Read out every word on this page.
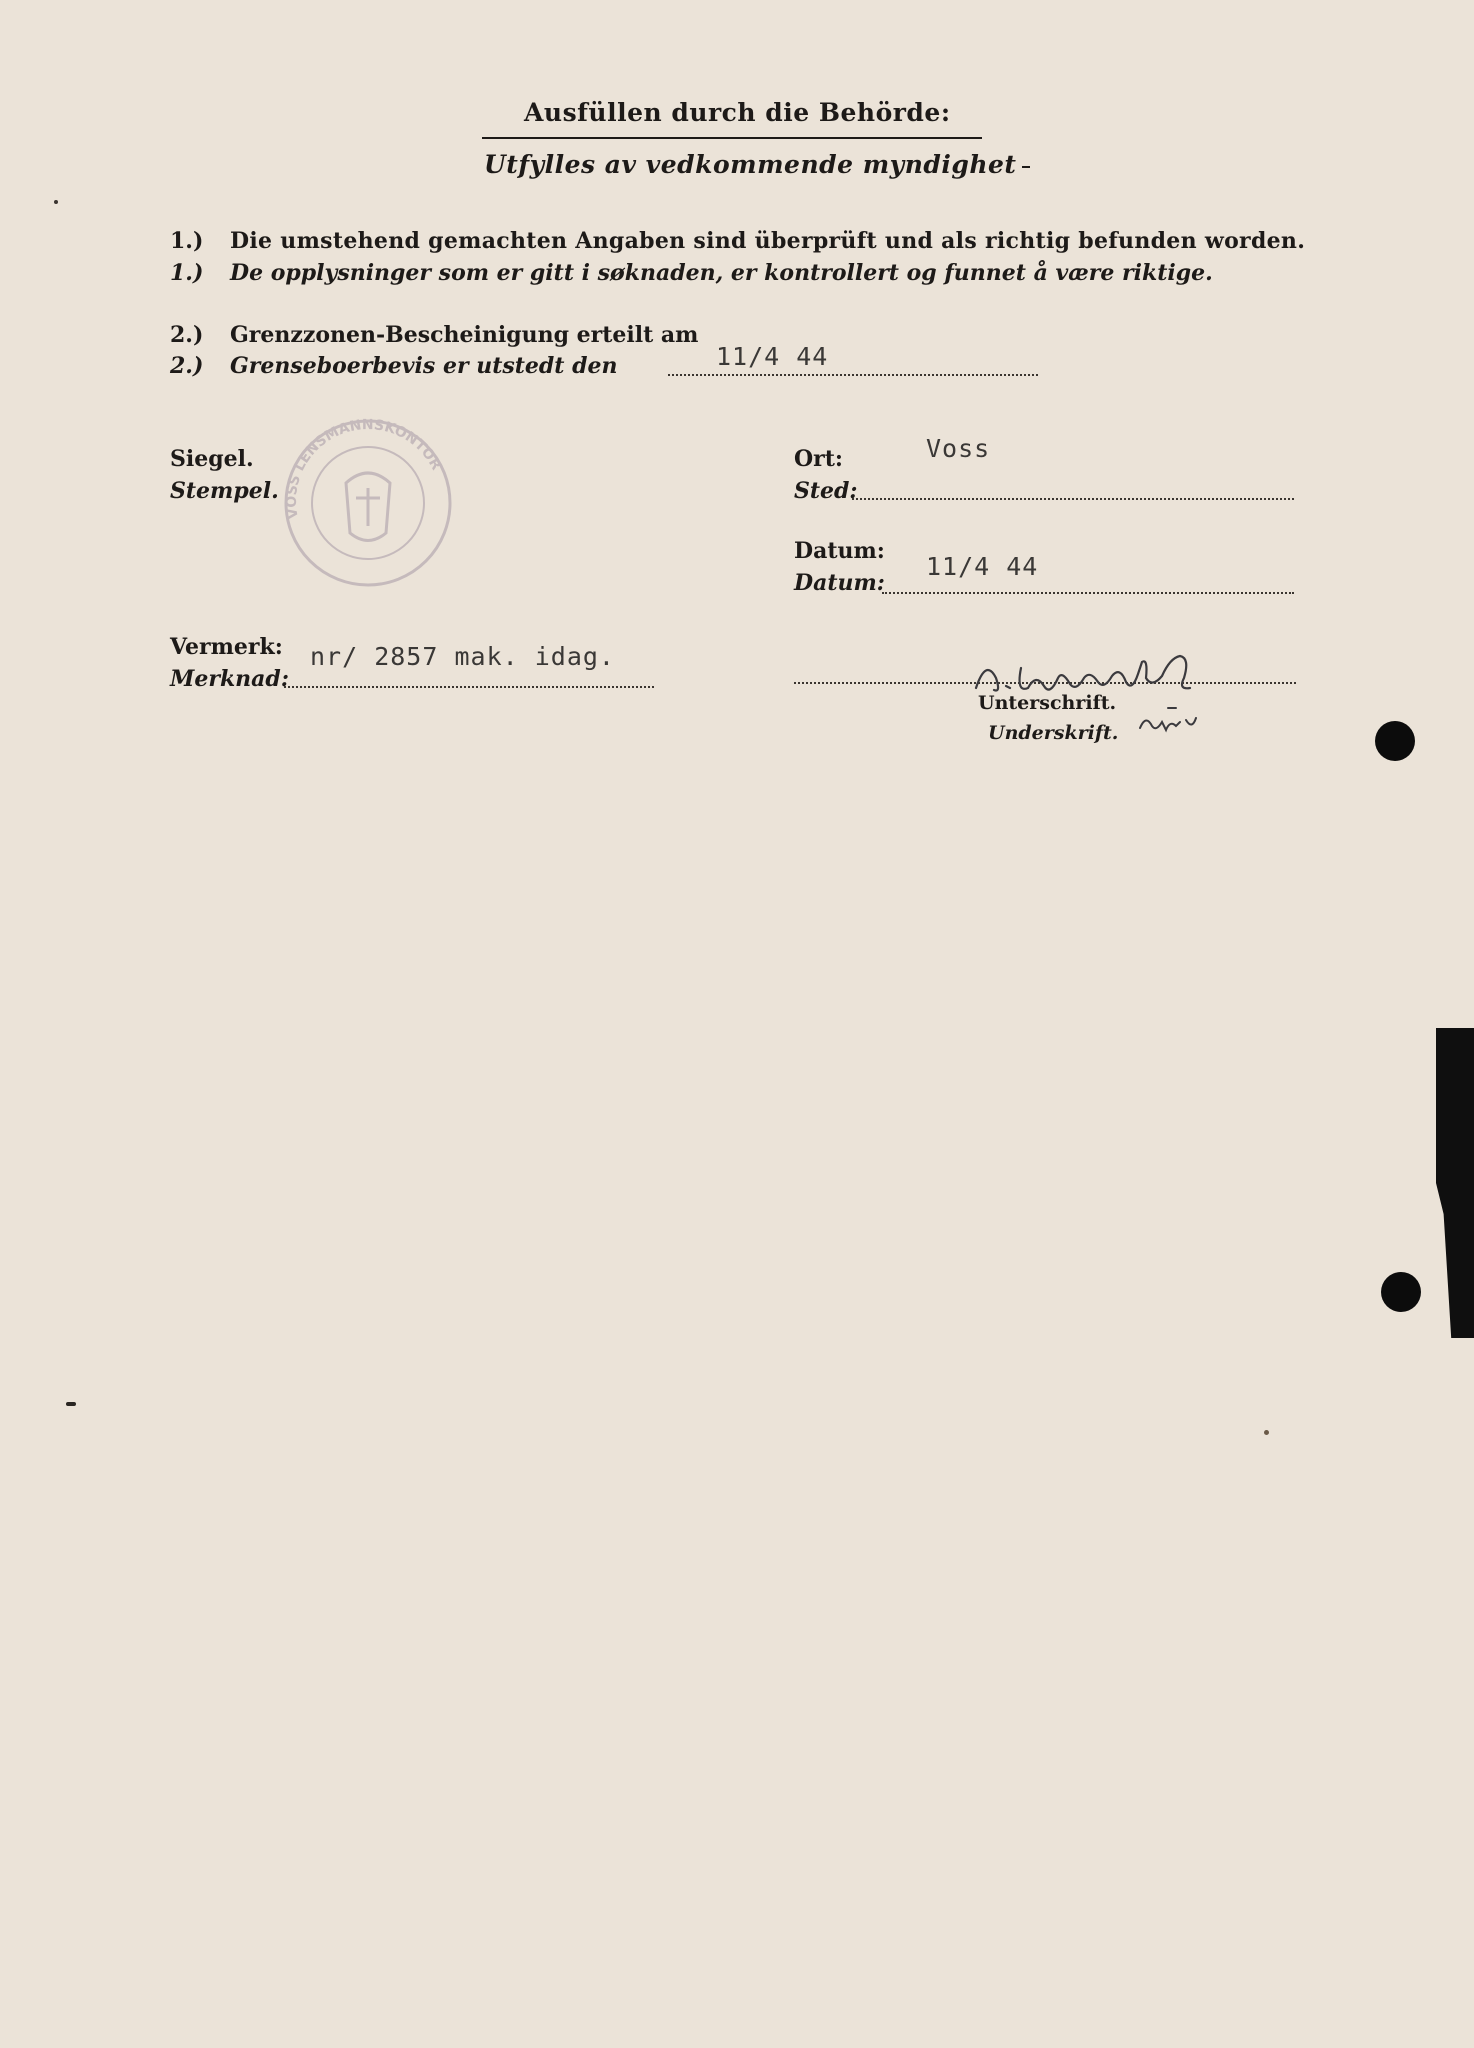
Ausfüllen durch die Behörde:
Utfylles av vedkommende myndighet
1.) Die umstehend gemachten Angaben sind überprüft und als richtig befunden worden.
1.) De opplysninger som er gitt i søknaden, er kontrollert og funnet å være riktige.
2.) Grenzzonen-Bescheinigung erteilt am
2.) Grenseboerbevis er utstedt den	11/4 44
Siegel.
Stempel.
VOSS LENSMANNSKONTOR	Ort:
Sted:
Voss
Datum:
Datum:
11/4 44
Vermerk:
Merknad:
nr/ 2857 mak. idag.
Unterschrift.
Underskrift.
